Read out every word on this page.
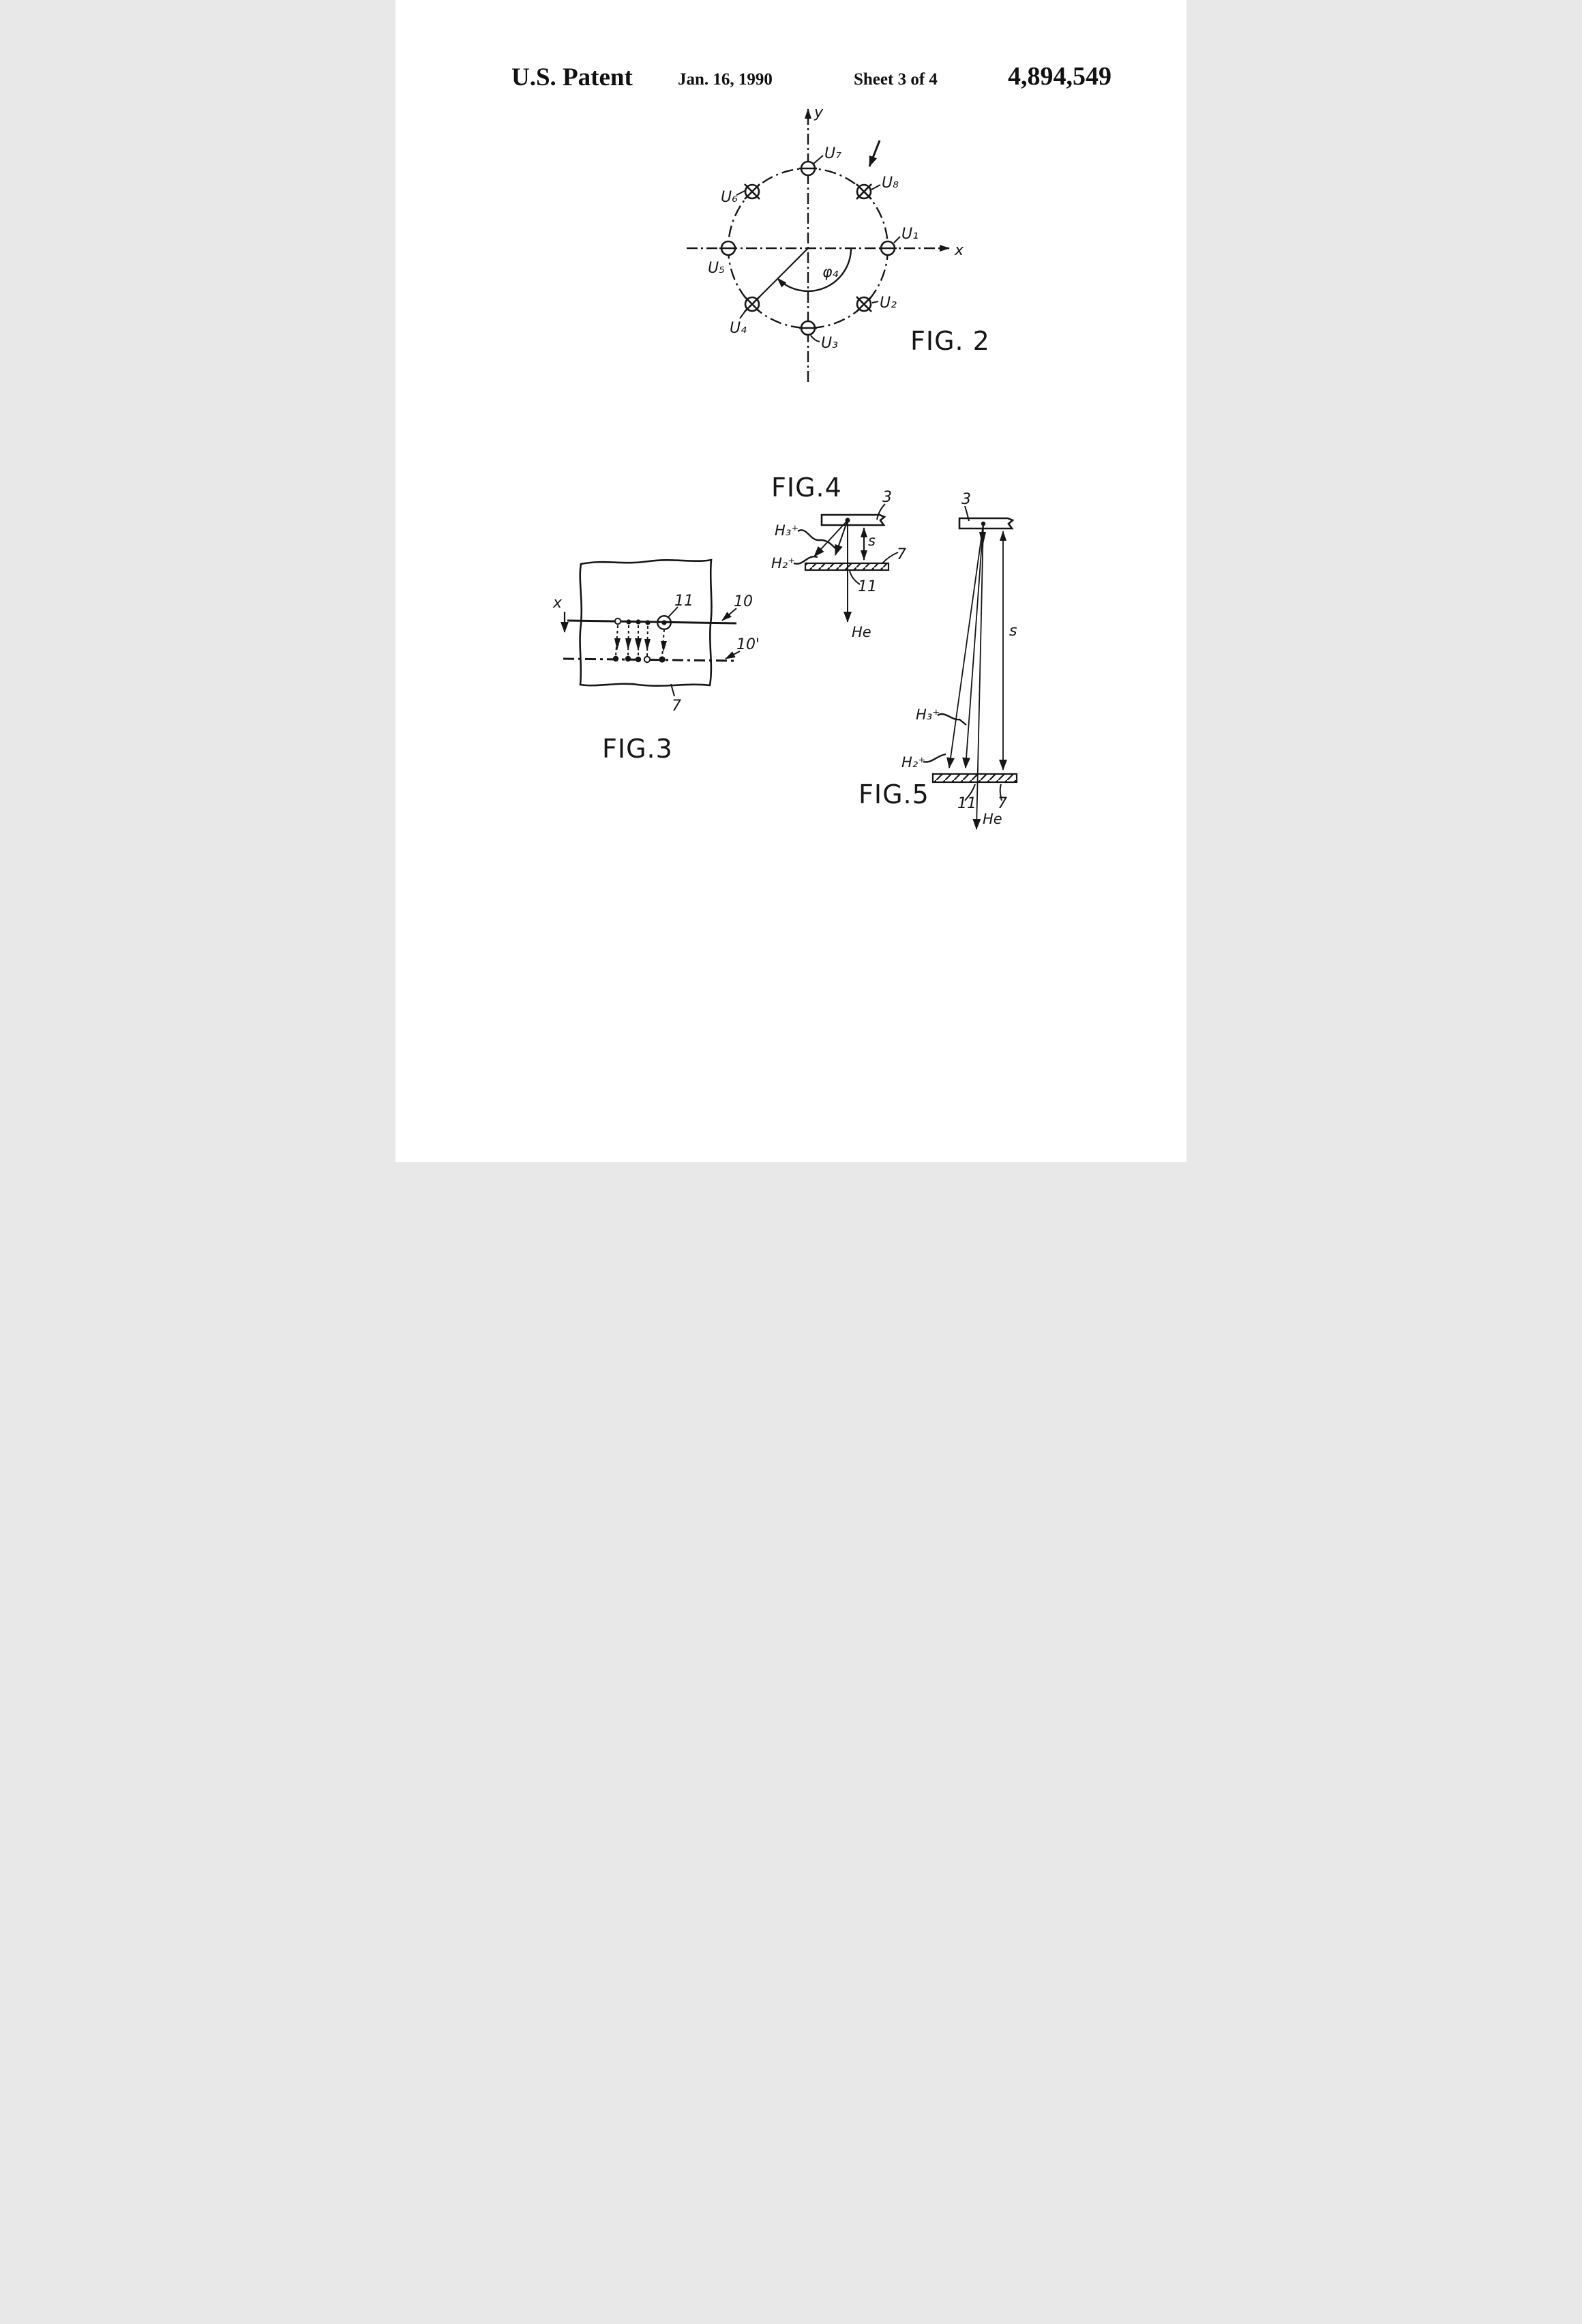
U.S. Patent	Jan. 16, 1990	Sheet 3 of 4	4,894,549
y
x
φ₄
U₁
U₂
U₃
U₄
U₅
U₆
U₇
U₈
FIG. 2
x	11	10
10'
7
FIG.3
FIG.4	3
s
7
He
H₃⁺
H₂⁺
11
FIG.5
3
s
H₃⁺
H₂⁺
11 7
He
